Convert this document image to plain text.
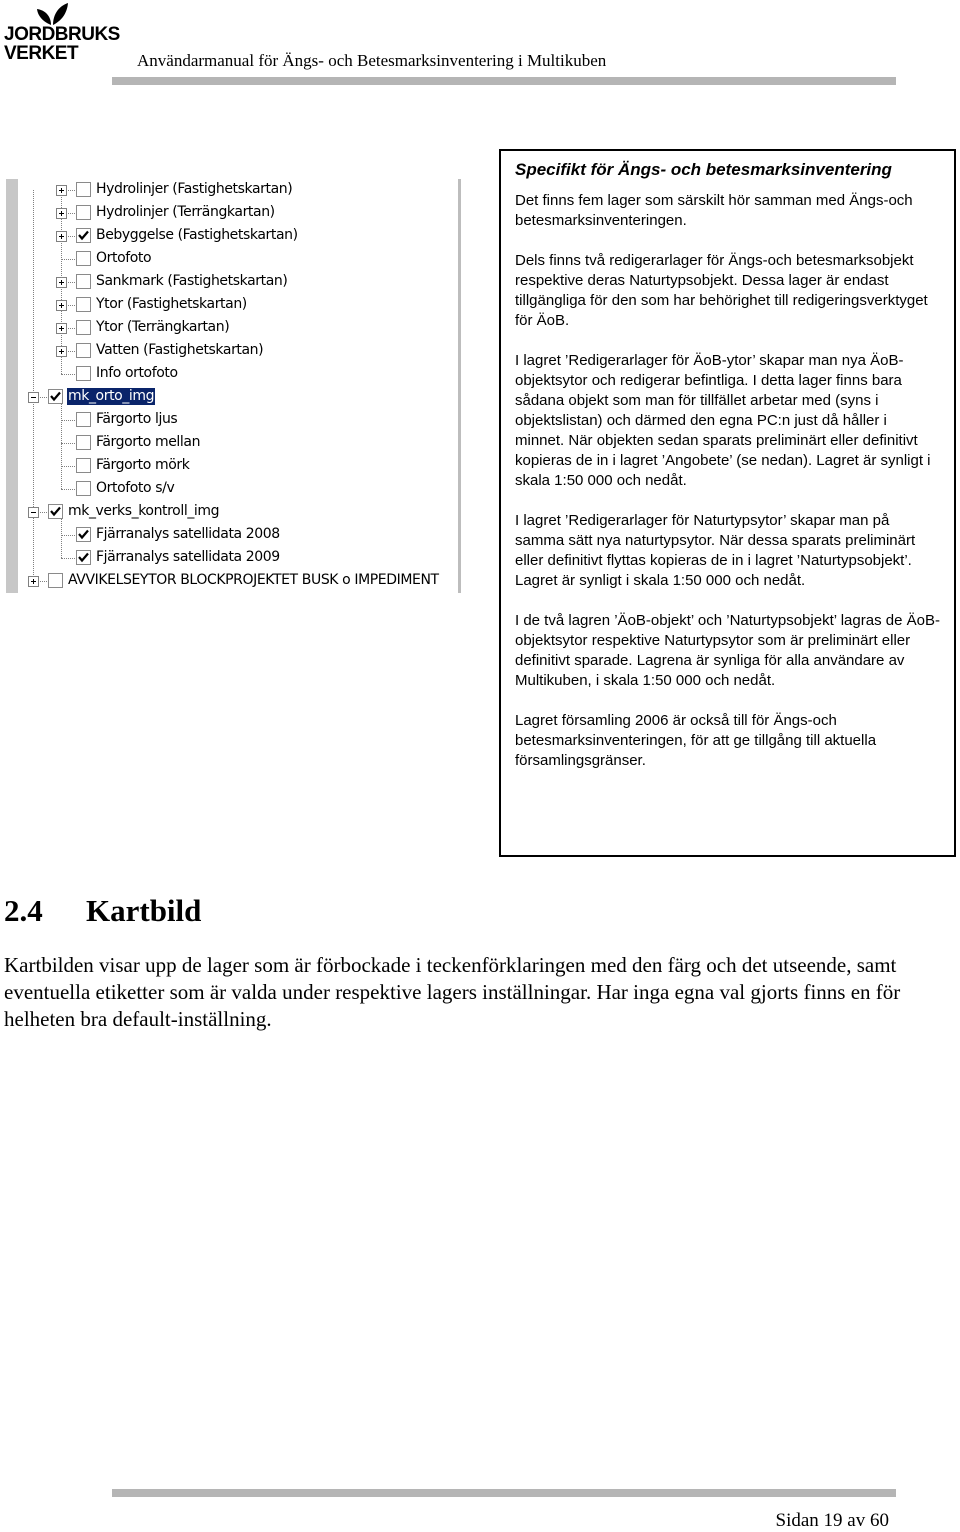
JORDBRUKS
VERKET	Användarmanual för Ängs- och Betesmarksinventering i Multikuben
Hydrolinjer (Fastighetskartan)
Hydrolinjer (Terrängkartan)
Bebyggelse (Fastighetskartan)
Ortofoto
Sankmark (Fastighetskartan)
Ytor (Fastighetskartan)
Ytor (Terrängkartan)
Vatten (Fastighetskartan)
Info ortofoto
mk_orto_img
Färgorto ljus
Färgorto mellan
Färgorto mörk
Ortofoto s/v
mk_verks_kontroll_img
Fjärranalys satellidata 2008
Fjärranalys satellidata 2009
AVVIKELSEYTOR BLOCKPROJEKTET BUSK o IMPEDIMENT
Specifikt för Ängs- och betesmarksinventering

Det finns fem lager som särskilt hör samman med Ängs-och betesmarksinventeringen.

Dels finns två redigerarlager för Ängs-och betesmarksobjekt respektive deras Naturtypsobjekt. Dessa lager är endast tillgängliga för den som har behörighet till redigeringsverktyget för ÄoB.

I lagret ’Redigerarlager för ÄoB-ytor’ skapar man nya ÄoB-objektsytor och redigerar befintliga. I detta lager finns bara sådana objekt som man för tillfället arbetar med (syns i objektslistan) och därmed den egna PC:n just då håller i minnet. När objekten sedan sparats preliminärt eller definitivt kopieras de in i lagret ’Angobete’ (se nedan). Lagret är synligt i skala 1:50 000 och nedåt.

I lagret ’Redigerarlager för Naturtypsytor’ skapar man på samma sätt nya naturtypsytor. När dessa sparats preliminärt eller definitivt flyttas kopieras de in i lagret ’Naturtypsobjekt’. Lagret är synligt i skala 1:50 000 och nedåt.

I de två lagren ’ÄoB-objekt’ och ’Naturtypsobjekt’ lagras de ÄoB-objektsytor respektive Naturtypsytor som är preliminärt eller definitivt sparade. Lagrena är synliga för alla användare av Multikuben, i skala 1:50 000 och nedåt.

Lagret församling 2006 är också till för Ängs-och betesmarksinventeringen, för att ge tillgång till aktuella församlingsgränser.

2.4 Kartbild
Kartbilden visar upp de lager som är förbockade i teckenförklaringen med den färg och det utseende, samt eventuella etiketter som är valda under respektive lagers inställningar. Har inga egna val gjorts finns en för helheten bra default-inställning.
Sidan 19 av 60
